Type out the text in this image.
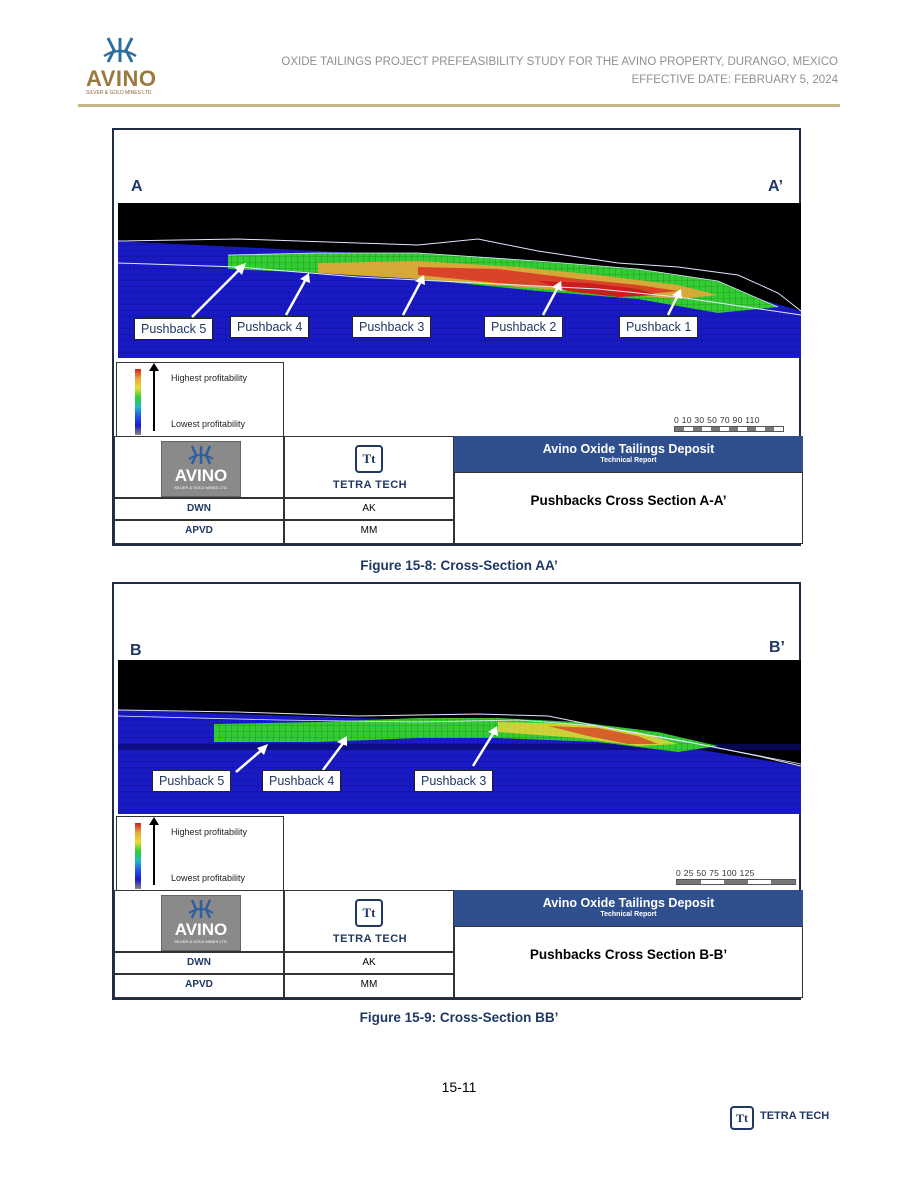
AVINO
SILVER & GOLD MINES LTD.
OXIDE TAILINGS PROJECT PREFEASIBILITY STUDY FOR THE AVINO PROPERTY, DURANGO, MEXICO
EFFECTIVE DATE: FEBRUARY 5, 2024
A	A’
Pushback 5	Pushback 4	Pushback 3	Pushback 2	Pushback 1
Highest profitability
Lowest profitability	0 10 30 50 70 90 110
AVINO
SILVER & GOLD MINES LTD.
Tt
TETRA TECH
DWN	AK
APVD	MM
Avino Oxide Tailings Deposit
Technical Report
Pushbacks Cross Section A-A’
Figure 15-8: Cross-Section AA’
B	B’
Pushback 5	Pushback 4	Pushback 3
Highest profitability
Lowest profitability	0 25 50 75 100 125
AVINO
SILVER & GOLD MINES LTD.
Tt
TETRA TECH
DWN	AK
APVD	MM
Avino Oxide Tailings Deposit
Technical Report
Pushbacks Cross Section B-B’
Figure 15-9: Cross-Section BB’
15-11
Tt	TETRA TECH
